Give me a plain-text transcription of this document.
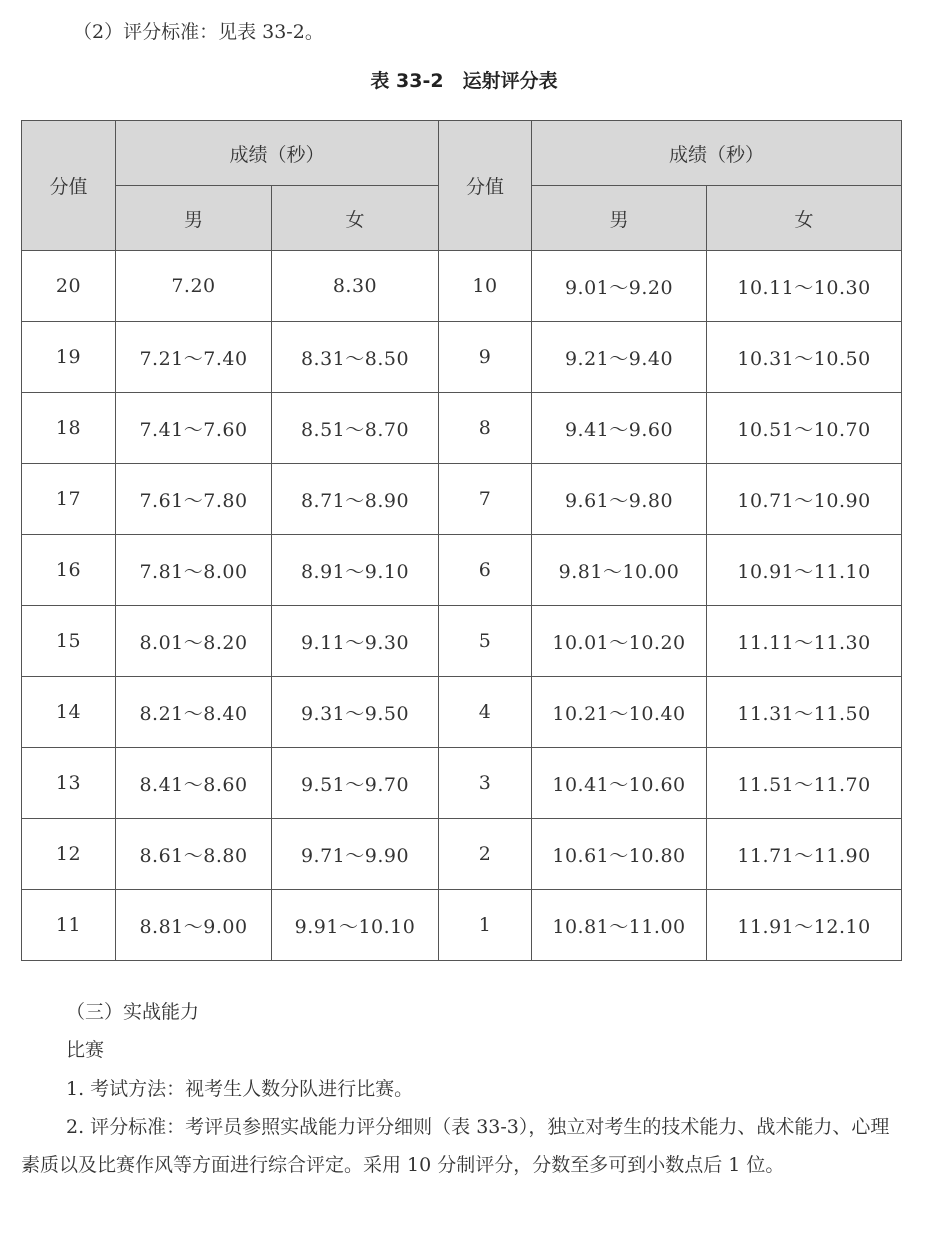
（2）评分标准：见表 33-2。
表 33-2　运射评分表
分值	成绩（秒）		分值	成绩（秒）	
	男	女		男	女
20	7.20	8.30	10	9.01～9.20	10.11～10.30
19	7.21～7.40	8.31～8.50	9	9.21～9.40	10.31～10.50
18	7.41～7.60	8.51～8.70	8	9.41～9.60	10.51～10.70
17	7.61～7.80	8.71～8.90	7	9.61～9.80	10.71～10.90
16	7.81～8.00	8.91～9.10	6	9.81～10.00	10.91～11.10
15	8.01～8.20	9.11～9.30	5	10.01～10.20	11.11～11.30
14	8.21～8.40	9.31～9.50	4	10.21～10.40	11.31～11.50
13	8.41～8.60	9.51～9.70	3	10.41～10.60	11.51～11.70
12	8.61～8.80	9.71～9.90	2	10.61～10.80	11.71～11.90
11	8.81～9.00	9.91～10.10	1	10.81～11.00	11.91～12.10
（三）实战能力
比赛
1. 考试方法：视考生人数分队进行比赛。
2. 评分标准：考评员参照实战能力评分细则（表 33-3），独立对考生的技术能力、战术能力、心理素质以及比赛作风等方面进行综合评定。采用 10 分制评分，分数至多可到小数点后 1 位。
